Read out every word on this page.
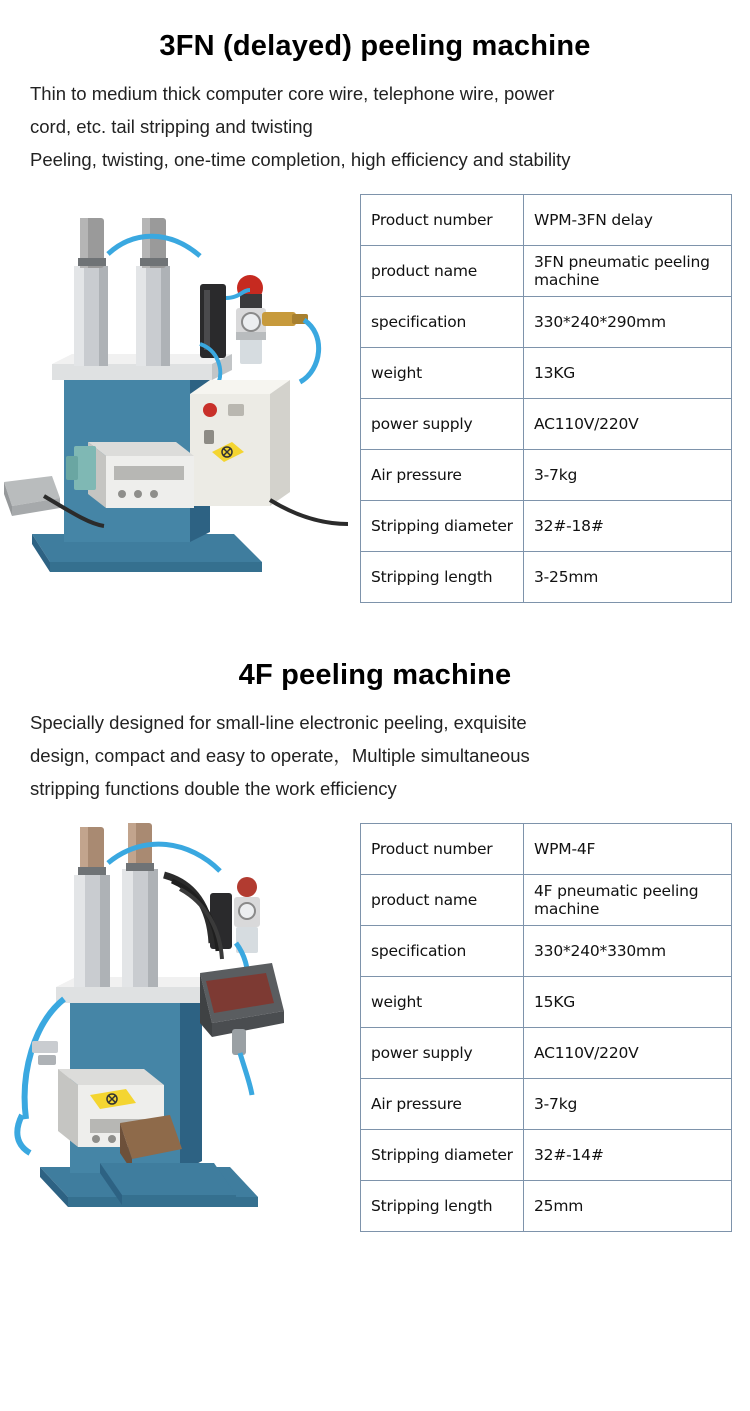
3FN (delayed) peeling machine

Thin to medium thick computer core wire, telephone wire, power

cord, etc. tail stripping and twisting

Peeling, twisting, one-time completion, high efficiency and stability

Product number	WPM-3FN delay
product name	3FN pneumatic peeling machine
specification	330*240*290mm
weight	13KG
power supply	AC110V/220V
Air pressure	3-7kg
Stripping diameter	32#-18#
Stripping length	3-25mm
4F peeling machine

Specially designed for small-line electronic peeling, exquisite

design, compact and easy to operate，Multiple simultaneous

stripping functions double the work efficiency

Product number	WPM-4F
product name	4F pneumatic peeling machine
specification	330*240*330mm
weight	15KG
power supply	AC110V/220V
Air pressure	3-7kg
Stripping diameter	32#-14#
Stripping length	25mm
